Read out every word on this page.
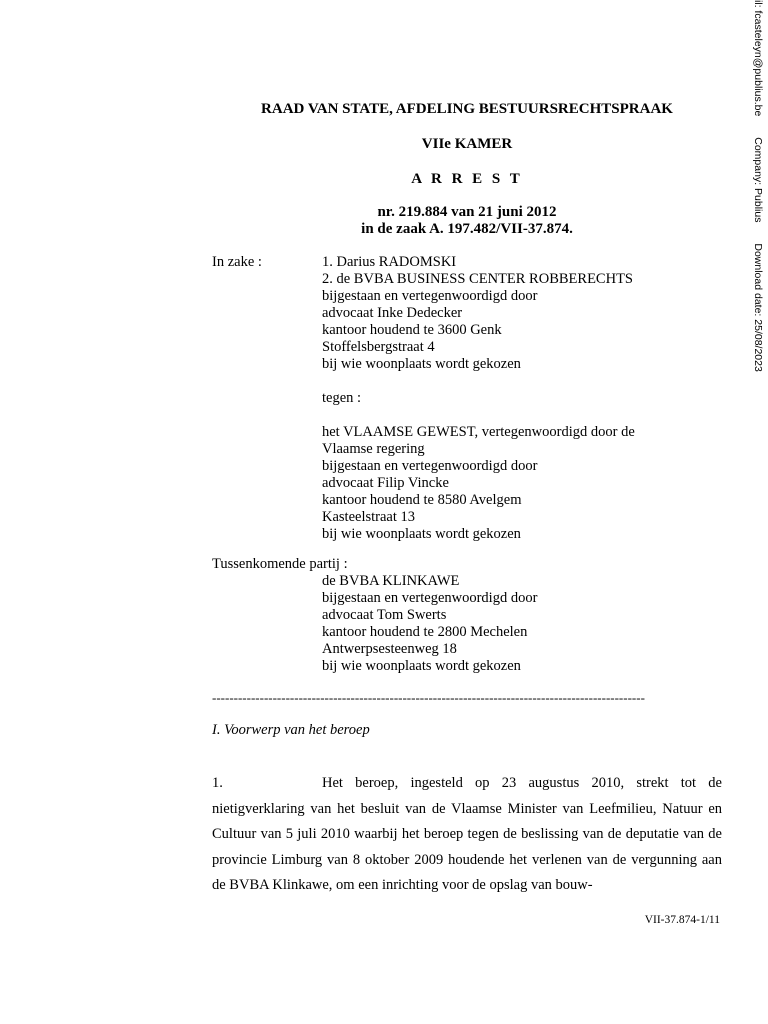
RAAD VAN STATE, AFDELING BESTUURSRECHTSPRAAK
VIIe KAMER
A R R E S T
nr. 219.884 van 21 juni 2012
in de zaak A. 197.482/VII-37.874.
In zake :	1. Darius RADOMSKI
2. de BVBA BUSINESS CENTER ROBBERECHTS
bijgestaan en vertegenwoordigd door
advocaat Inke Dedecker
kantoor houdend te 3600 Genk
Stoffelsbergstraat 4
bij wie woonplaats wordt gekozen
tegen :
het VLAAMSE GEWEST, vertegenwoordigd door de
Vlaamse regering
bijgestaan en vertegenwoordigd door
advocaat Filip Vincke
kantoor houdend te 8580 Avelgem
Kasteelstraat 13
bij wie woonplaats wordt gekozen
Tussenkomende partij :
de BVBA KLINKAWE
bijgestaan en vertegenwoordigd door
advocaat Tom Swerts
kantoor houdend te 2800 Mechelen
Antwerpsesteenweg 18
bij wie woonplaats wordt gekozen
----------------------------------------------------------------------------------------------------
I. Voorwerp van het beroep
1.	Het beroep, ingesteld op 23 augustus 2010, strekt tot de nietigverklaring van het besluit van de Vlaamse Minister van Leefmilieu, Natuur en Cultuur van 5 juli 2010 waarbij het beroep tegen de beslissing van de deputatie van de provincie Limburg van 8 oktober 2009 houdende het verlenen van de vergunning aan de BVBA Klinkawe, om een inrichting voor de opslag van bouw-
VII-37.874-1/11
il: fcasteleyn@publius.be Company: Publius Download date: 25/08/2023
